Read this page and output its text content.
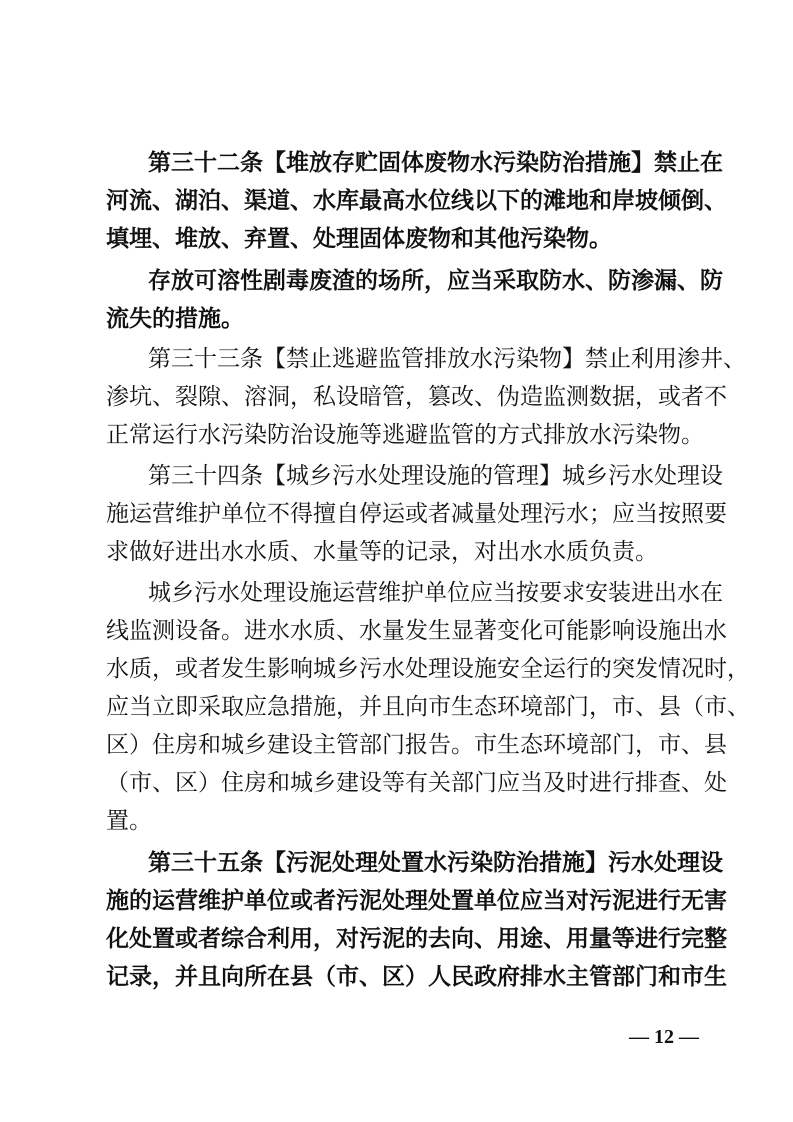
第三十二条【堆放存贮固体废物水污染防治措施】禁止在
河流、湖泊、渠道、水库最高水位线以下的滩地和岸坡倾倒、
填埋、堆放、弃置、处理固体废物和其他污染物。
存放可溶性剧毒废渣的场所，应当采取防水、防渗漏、防
流失的措施。
第三十三条【禁止逃避监管排放水污染物】禁止利用渗井、
渗坑、裂隙、溶洞，私设暗管，篡改、伪造监测数据，或者不
正常运行水污染防治设施等逃避监管的方式排放水污染物。
第三十四条【城乡污水处理设施的管理】城乡污水处理设
施运营维护单位不得擅自停运或者减量处理污水；应当按照要
求做好进出水水质、水量等的记录，对出水水质负责。
城乡污水处理设施运营维护单位应当按要求安装进出水在
线监测设备。进水水质、水量发生显著变化可能影响设施出水
水质，或者发生影响城乡污水处理设施安全运行的突发情况时，
应当立即采取应急措施，并且向市生态环境部门，市、县（市、
区）住房和城乡建设主管部门报告。市生态环境部门，市、县
（市、区）住房和城乡建设等有关部门应当及时进行排查、处
置。
第三十五条【污泥处理处置水污染防治措施】污水处理设
施的运营维护单位或者污泥处理处置单位应当对污泥进行无害
化处置或者综合利用，对污泥的去向、用途、用量等进行完整
记录，并且向所在县（市、区）人民政府排水主管部门和市生
— 12 —
